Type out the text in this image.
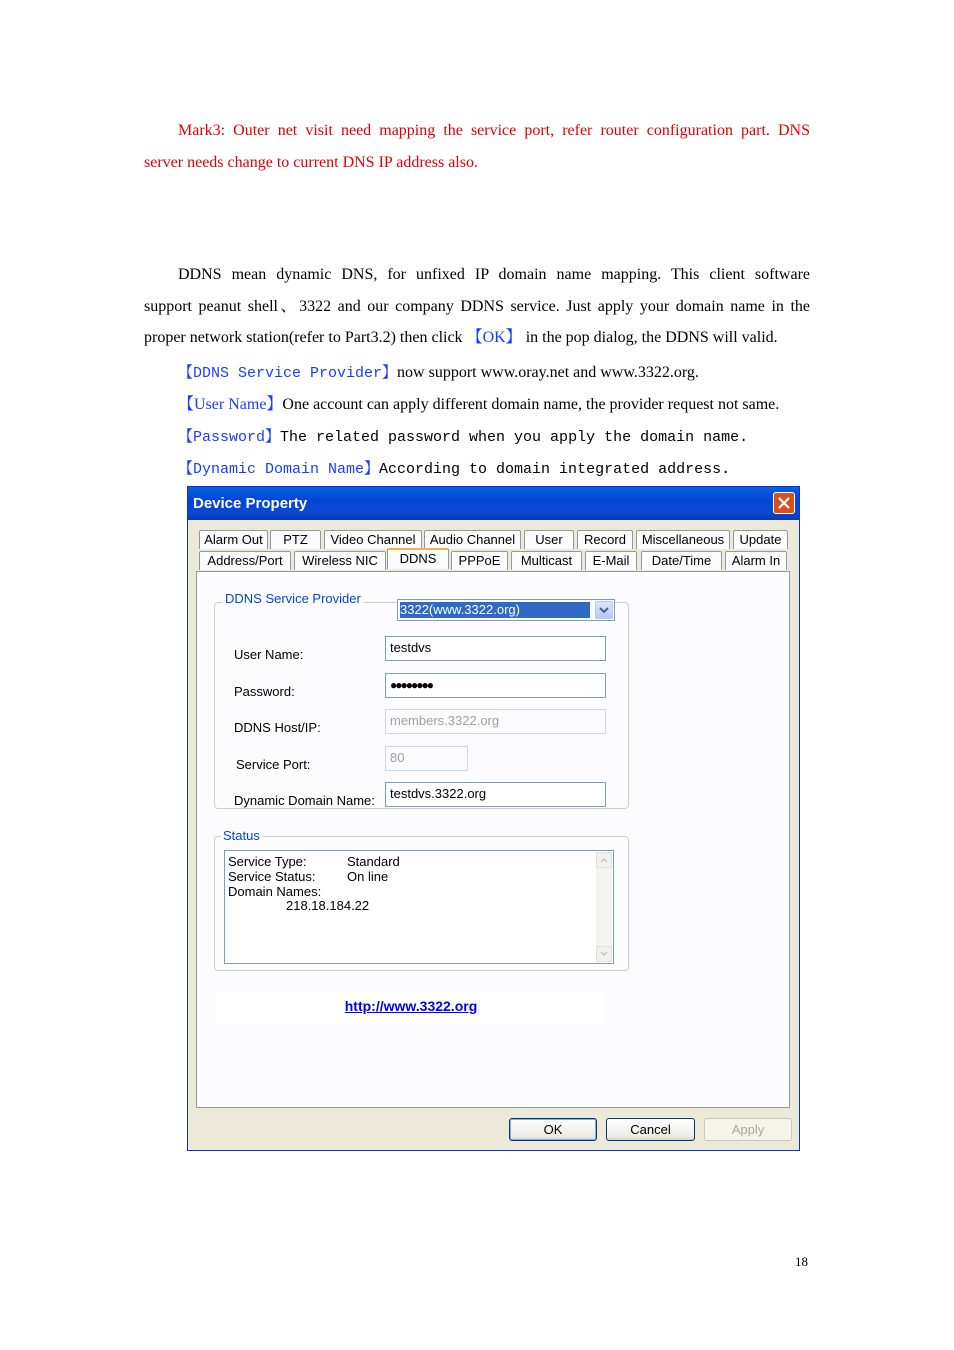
Mark3: Outer net visit need mapping the service port, refer router configuration part. DNS
server needs change to current DNS IP address also.
DDNS mean dynamic DNS, for unfixed IP domain name mapping. This client software
support peanut shell、3322 and our company DDNS service. Just apply your domain name in the
proper network station(refer to Part3.2) then click 【OK】 in the pop dialog, the DDNS will valid.
【DDNS Service Provider】now support www.oray.net and www.3322.org.
【User Name】One account can apply different domain name, the provider request not same.
【Password】The related password when you apply the domain name.
【Dynamic Domain Name】According to domain integrated address.
Device Property
Alarm Out	PTZ	Video Channel	Audio Channel	User	Record	Miscellaneous	Update
Address/Port	Wireless NIC	DDNS	PPPoE	Multicast	E-Mail	Date/Time	Alarm In
DDNS Service Provider
3322(www.3322.org)
User Name:	testdvs
Password:	●●●●●●●●
DDNS Host/IP:	members.3322.org
Service Port:	80
Dynamic Domain Name:	testdvs.3322.org
Service Type:	Standard
Service Status: On line
Domain Names:
218.18.184.22
Status
http://www.3322.org
OK	Cancel	Apply
18
